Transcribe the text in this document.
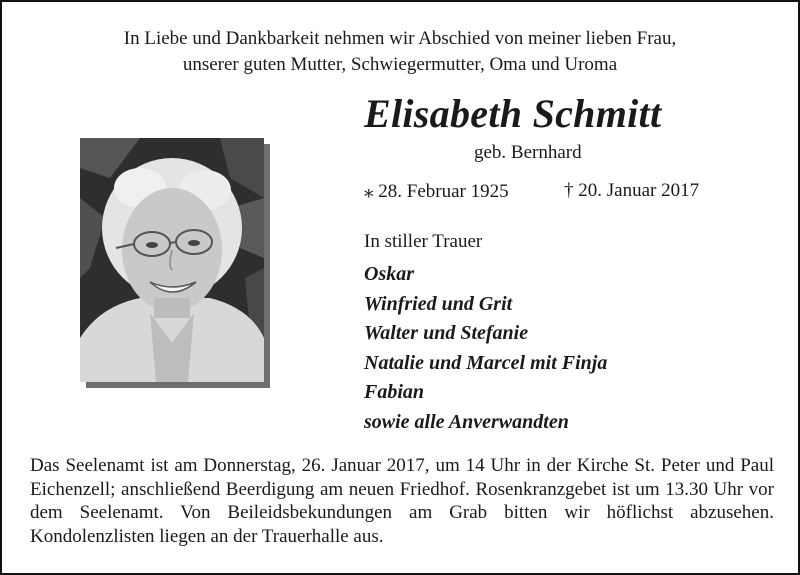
In Liebe und Dankbarkeit nehmen wir Abschied von meiner lieben Frau,
unserer guten Mutter, Schwiegermutter, Oma und Uroma
Elisabeth Schmitt
geb. Bernhard
⁎ 28. Februar 1925	† 20. Januar 2017
In stiller Trauer
Oskar
Winfried und Grit
Walter und Stefanie
Natalie und Marcel mit Finja
Fabian
sowie alle Anverwandten
Das Seelenamt ist am Donnerstag, 26. Januar 2017, um 14 Uhr in der Kirche St. Peter und Paul Eichenzell; anschließend Beerdigung am neuen Friedhof. Rosenkranzgebet ist um 13.30 Uhr vor dem Seelenamt. Von Beileidsbekundungen am Grab bitten wir höflichst abzusehen. Kondolenzlisten liegen an der Trauerhalle aus.
